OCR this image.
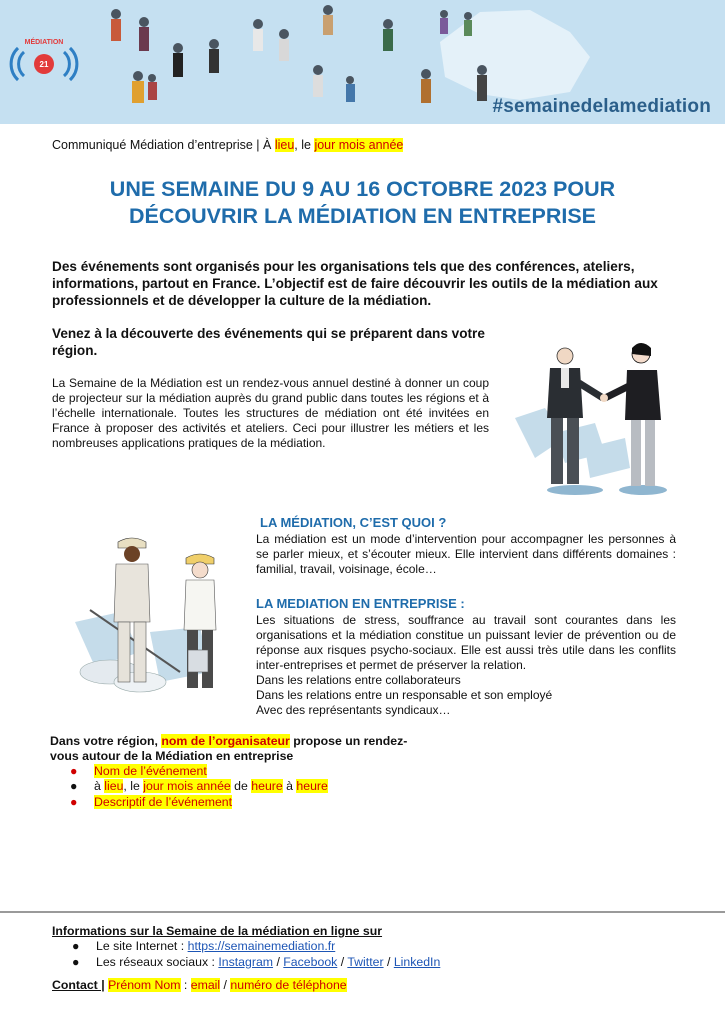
MÉDIATION
21
#semainedelamediation
Communiqué Médiation d’entreprise | À lieu, le jour mois année
UNE SEMAINE DU 9 AU 16 OCTOBRE 2023 POUR
DÉCOUVRIR LA MÉDIATION EN ENTREPRISE
Des événements sont organisés pour les organisations tels que des conférences, ateliers, informations, partout en France. L’objectif est de faire découvrir les outils de la médiation aux professionnels et de développer la culture de la médiation.
Venez à la découverte des événements qui se préparent dans votre région.
La Semaine de la Médiation est un rendez-vous annuel destiné à donner un coup de projecteur sur la médiation auprès du grand public dans toutes les régions et à l’échelle internationale. Toutes les structures de médiation ont été invitées en France à proposer des activités et ateliers. Ceci pour illustrer les métiers et les nombreuses applications pratiques de la médiation.
LA MÉDIATION, C’EST QUOI ?

La médiation est un mode d’intervention pour accompagner les personnes à se parler mieux, et s’écouter mieux. Elle intervient dans différents domaines : familial, travail, voisinage, école…

LA MEDIATION EN ENTREPRISE :

Les situations de stress, souffrance au travail sont courantes dans les organisations et la médiation constitue un puissant levier de prévention ou de réponse aux risques psycho-sociaux. Elle est aussi très utile dans les conflits inter-entreprises et permet de préserver la relation.

Dans les relations entre collaborateurs

Dans les relations entre un responsable et son employé

Avec des représentants syndicaux…

Dans votre région, nom de l’organisateur propose un rendez-vous autour de la Médiation en entreprise
● Nom de l’événement
● à lieu, le jour mois année de heure à heure
● Descriptif de l’événement
Informations sur la Semaine de la médiation en ligne sur
● Le site Internet : https://semainemediation.fr
● Les réseaux sociaux : Instagram / Facebook / Twitter / LinkedIn
Contact | Prénom Nom : email / numéro de téléphone
